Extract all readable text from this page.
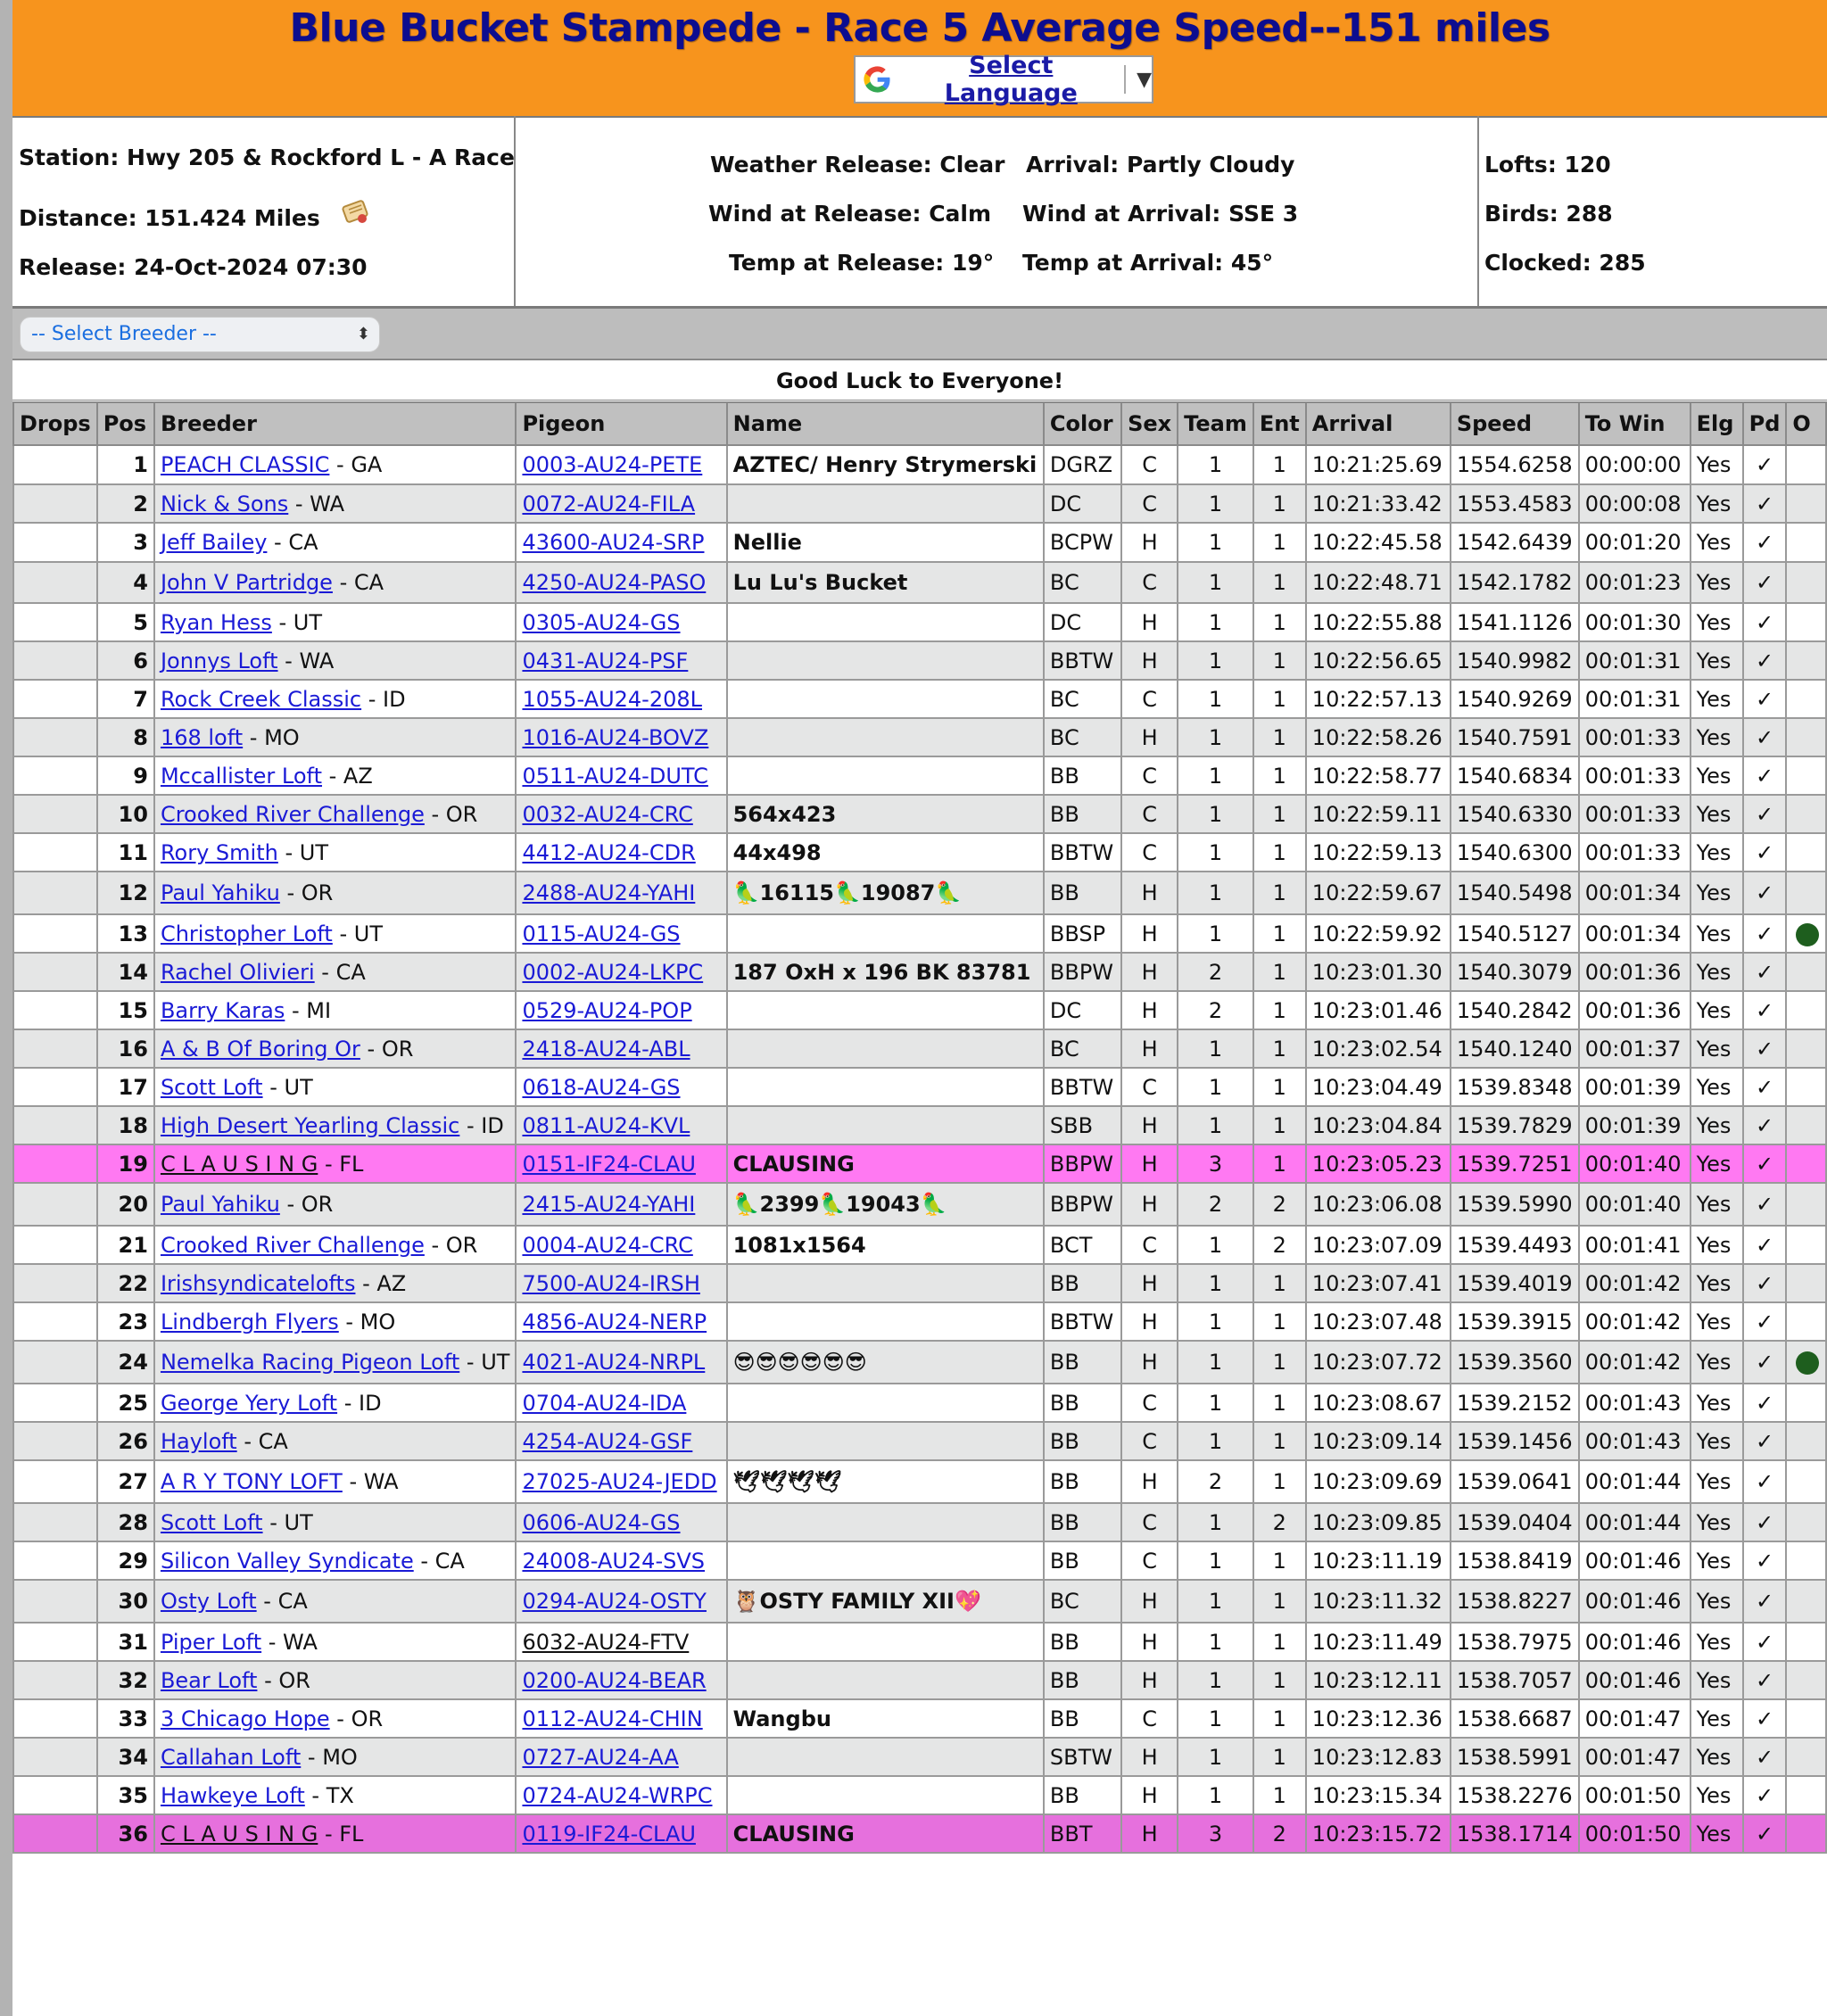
Blue Bucket Stampede - Race 5 Average Speed--151 miles
Select Language	▼
Station: Hwy 205 & Rockford L - A Race
Distance: 151.424 Miles
Release: 24-Oct-2024 07:30
Weather Release: Clear Arrival: Partly Cloudy
Wind at Release: Calm Wind at Arrival: SSE 3
Temp at Release: 19° Temp at Arrival: 45°
Lofts: 120
Birds: 288
Clocked: 285
-- Select Breeder --	⬍
Good Luck to Everyone!
Drops	Pos	Breeder	Pigeon	Name	Color	Sex	Team	Ent	Arrival	Speed	To Win	Elg	Pd	O
	1	PEACH CLASSIC - GA	0003-AU24-PETE	AZTEC/ Henry Strymerski	DGRZ	C	1	1	10:21:25.69	1554.6258	00:00:00	Yes	✓	
	2	Nick & Sons - WA	0072-AU24-FILA		DC	C	1	1	10:21:33.42	1553.4583	00:00:08	Yes	✓	
	3	Jeff Bailey - CA	43600-AU24-SRP	Nellie	BCPW	H	1	1	10:22:45.58	1542.6439	00:01:20	Yes	✓	
	4	John V Partridge - CA	4250-AU24-PASO	Lu Lu's Bucket	BC	C	1	1	10:22:48.71	1542.1782	00:01:23	Yes	✓	
	5	Ryan Hess - UT	0305-AU24-GS		DC	H	1	1	10:22:55.88	1541.1126	00:01:30	Yes	✓	
	6	Jonnys Loft - WA	0431-AU24-PSF		BBTW	H	1	1	10:22:56.65	1540.9982	00:01:31	Yes	✓	
	7	Rock Creek Classic - ID	1055-AU24-208L		BC	C	1	1	10:22:57.13	1540.9269	00:01:31	Yes	✓	
	8	168 loft - MO	1016-AU24-BOVZ		BC	H	1	1	10:22:58.26	1540.7591	00:01:33	Yes	✓	
	9	Mccallister Loft - AZ	0511-AU24-DUTC		BB	C	1	1	10:22:58.77	1540.6834	00:01:33	Yes	✓	
	10	Crooked River Challenge - OR	0032-AU24-CRC	564x423	BB	C	1	1	10:22:59.11	1540.6330	00:01:33	Yes	✓	
	11	Rory Smith - UT	4412-AU24-CDR	44x498	BBTW	C	1	1	10:22:59.13	1540.6300	00:01:33	Yes	✓	
	12	Paul Yahiku - OR	2488-AU24-YAHI	🦜16115🦜19087🦜	BB	H	1	1	10:22:59.67	1540.5498	00:01:34	Yes	✓	
	13	Christopher Loft - UT	0115-AU24-GS		BBSP	H	1	1	10:22:59.92	1540.5127	00:01:34	Yes	✓	
	14	Rachel Olivieri - CA	0002-AU24-LKPC	187 OxH x 196 BK 83781	BBPW	H	2	1	10:23:01.30	1540.3079	00:01:36	Yes	✓	
	15	Barry Karas - MI	0529-AU24-POP		DC	H	2	1	10:23:01.46	1540.2842	00:01:36	Yes	✓	
	16	A & B Of Boring Or - OR	2418-AU24-ABL		BC	H	1	1	10:23:02.54	1540.1240	00:01:37	Yes	✓	
	17	Scott Loft - UT	0618-AU24-GS		BBTW	C	1	1	10:23:04.49	1539.8348	00:01:39	Yes	✓	
	18	High Desert Yearling Classic - ID	0811-AU24-KVL		SBB	H	1	1	10:23:04.84	1539.7829	00:01:39	Yes	✓	
	19	C L A U S I N G - FL	0151-IF24-CLAU	CLAUSING	BBPW	H	3	1	10:23:05.23	1539.7251	00:01:40	Yes	✓	
	20	Paul Yahiku - OR	2415-AU24-YAHI	🦜2399🦜19043🦜	BBPW	H	2	2	10:23:06.08	1539.5990	00:01:40	Yes	✓	
	21	Crooked River Challenge - OR	0004-AU24-CRC	1081x1564	BCT	C	1	2	10:23:07.09	1539.4493	00:01:41	Yes	✓	
	22	Irishsyndicatelofts - AZ	7500-AU24-IRSH		BB	H	1	1	10:23:07.41	1539.4019	00:01:42	Yes	✓	
	23	Lindbergh Flyers - MO	4856-AU24-NERP		BBTW	H	1	1	10:23:07.48	1539.3915	00:01:42	Yes	✓	
	24	Nemelka Racing Pigeon Loft - UT	4021-AU24-NRPL	😎😎😎😎😎😎	BB	H	1	1	10:23:07.72	1539.3560	00:01:42	Yes	✓	
	25	George Yery Loft - ID	0704-AU24-IDA		BB	C	1	1	10:23:08.67	1539.2152	00:01:43	Yes	✓	
	26	Hayloft - CA	4254-AU24-GSF		BB	C	1	1	10:23:09.14	1539.1456	00:01:43	Yes	✓	
	27	A R Y TONY LOFT - WA	27025-AU24-JEDD	🕊🕊🕊🕊	BB	H	2	1	10:23:09.69	1539.0641	00:01:44	Yes	✓	
	28	Scott Loft - UT	0606-AU24-GS		BB	C	1	2	10:23:09.85	1539.0404	00:01:44	Yes	✓	
	29	Silicon Valley Syndicate - CA	24008-AU24-SVS		BB	C	1	1	10:23:11.19	1538.8419	00:01:46	Yes	✓	
	30	Osty Loft - CA	0294-AU24-OSTY	🦉OSTY FAMILY XII💖	BC	H	1	1	10:23:11.32	1538.8227	00:01:46	Yes	✓	
	31	Piper Loft - WA	6032-AU24-FTV		BB	H	1	1	10:23:11.49	1538.7975	00:01:46	Yes	✓	
	32	Bear Loft - OR	0200-AU24-BEAR		BB	H	1	1	10:23:12.11	1538.7057	00:01:46	Yes	✓	
	33	3 Chicago Hope - OR	0112-AU24-CHIN	Wangbu	BB	C	1	1	10:23:12.36	1538.6687	00:01:47	Yes	✓	
	34	Callahan Loft - MO	0727-AU24-AA		SBTW	H	1	1	10:23:12.83	1538.5991	00:01:47	Yes	✓	
	35	Hawkeye Loft - TX	0724-AU24-WRPC		BB	H	1	1	10:23:15.34	1538.2276	00:01:50	Yes	✓	
	36	C L A U S I N G - FL	0119-IF24-CLAU	CLAUSING	BBT	H	3	2	10:23:15.72	1538.1714	00:01:50	Yes	✓	
